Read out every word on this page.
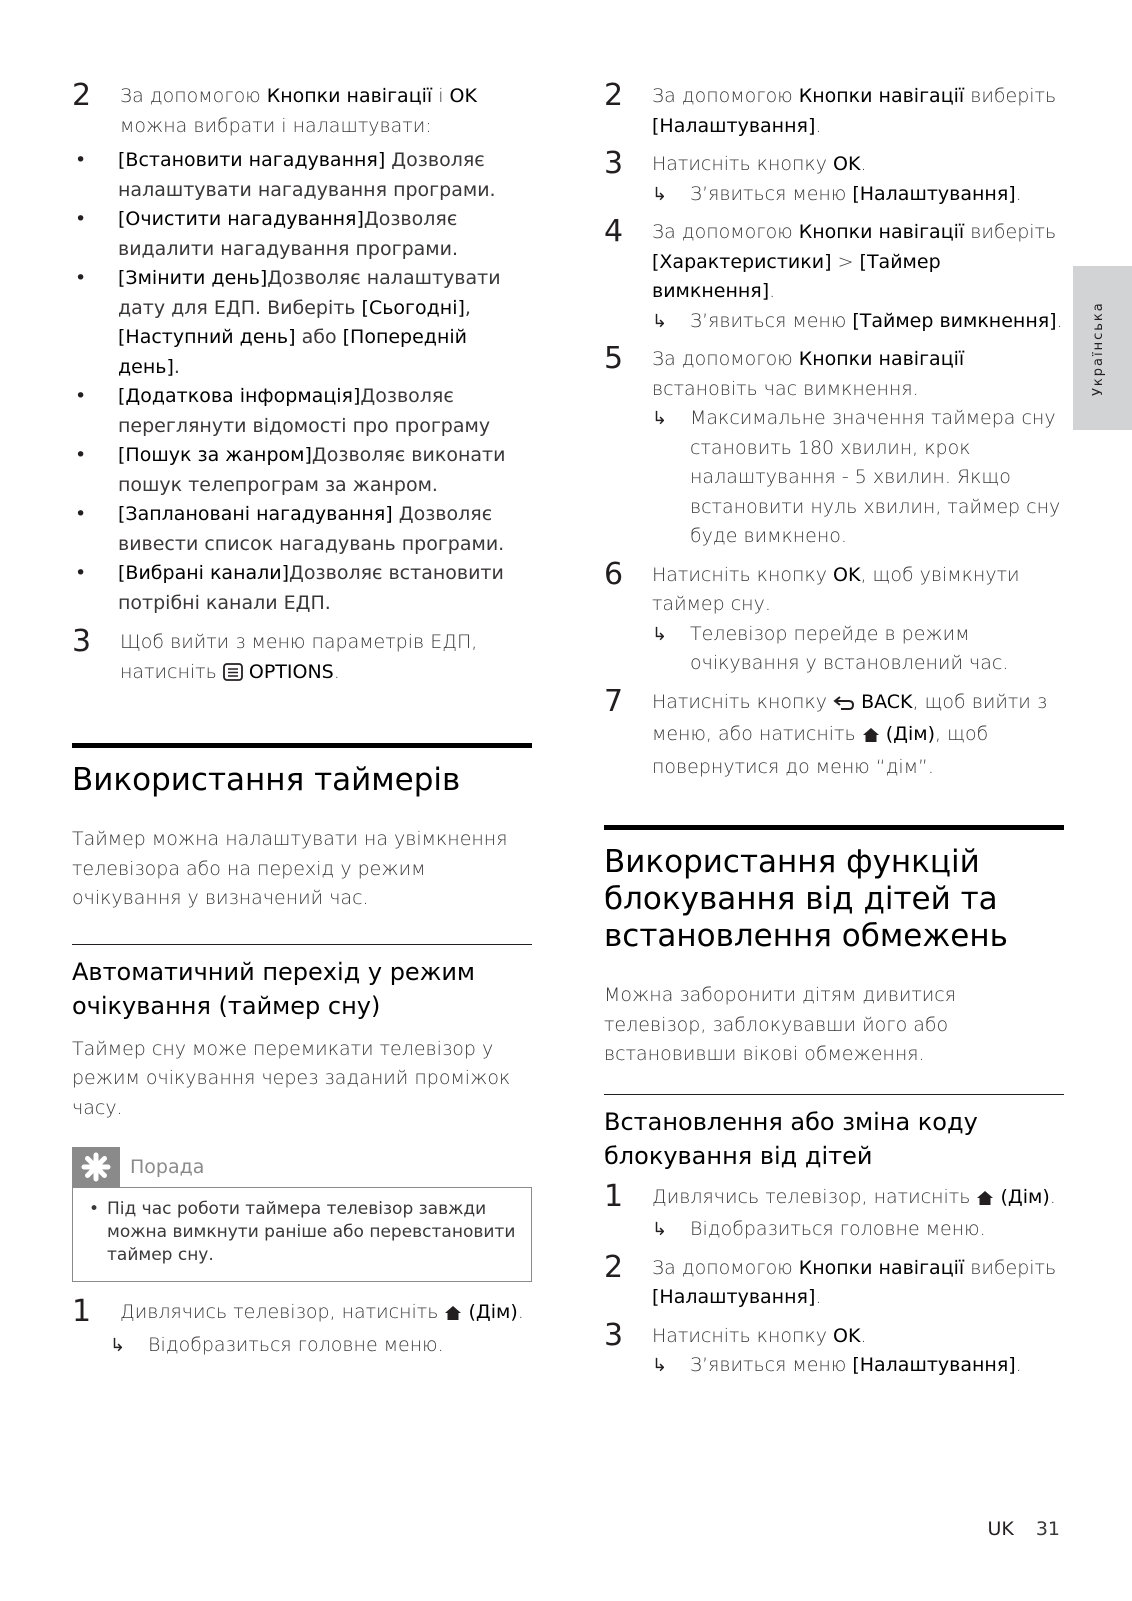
Українська
2 За допомогою Кнопки навігації і OK можна вибрати і налаштувати:
• [Встановити нагадування] Дозволяє налаштувати нагадування програми.
• [Очистити нагадування]Дозволяє видалити нагадування програми.
• [Змінити день]Дозволяє налаштувати дату для ЕДП. Виберіть [Сьогодні], [Наступний день] або [Попередній день].
• [Додаткова інформація]Дозволяє переглянути відомості про програму
• [Пошук за жанром]Дозволяє виконати пошук телепрограм за жанром.
• [Заплановані нагадування] Дозволяє вивести список нагадувань програми.
• [Вибрані канали]Дозволяє встановити потрібні канали ЕДП.
3 Щоб вийти з меню параметрів ЕДП, натисніть  OPTIONS.
Використання таймерів

Таймер можна налаштувати на увімкнення телевізора або на перехід у режим очікування у визначений час.

Автоматичний перехід у режим очікування (таймер сну)

Таймер сну може перемикати телевізор у режим очікування через заданий проміжок часу.

Порада
• Під час роботи таймера телевізор завжди можна вимкнути раніше або перевстановити таймер сну.
1 Дивлячись телевізор, натисніть  (Дім).
↳ Відобразиться головне меню.
2 За допомогою Кнопки навігації виберіть [Налаштування].
3 Натисніть кнопку OK.
↳ З’явиться меню [Налаштування].
4 За допомогою Кнопки навігації виберіть [Характеристики] > [Таймер вимкнення].
↳ З’явиться меню [Таймер вимкнення].
5 За допомогою Кнопки навігації встановіть час вимкнення.
↳ Максимальне значення таймера сну становить 180 хвилин, крок налаштування - 5 хвилин. Якщо встановити нуль хвилин, таймер сну буде вимкнено.
6 Натисніть кнопку OK, щоб увімкнути таймер сну.
↳ Телевізор перейде в режим очікування у встановлений час.
7 Натисніть кнопку  BACK, щоб вийти з меню, або натисніть  (Дім), щоб повернутися до меню “дім”.
Використання функцій блокування від дітей та встановлення обмежень

Можна заборонити дітям дивитися телевізор, заблокувавши його або встановивши вікові обмеження.

Встановлення або зміна коду блокування від дітей
1 Дивлячись телевізор, натисніть  (Дім).
↳ Відобразиться головне меню.
2 За допомогою Кнопки навігації виберіть [Налаштування].
3 Натисніть кнопку OK.
↳ З’явиться меню [Налаштування].
UK 31
